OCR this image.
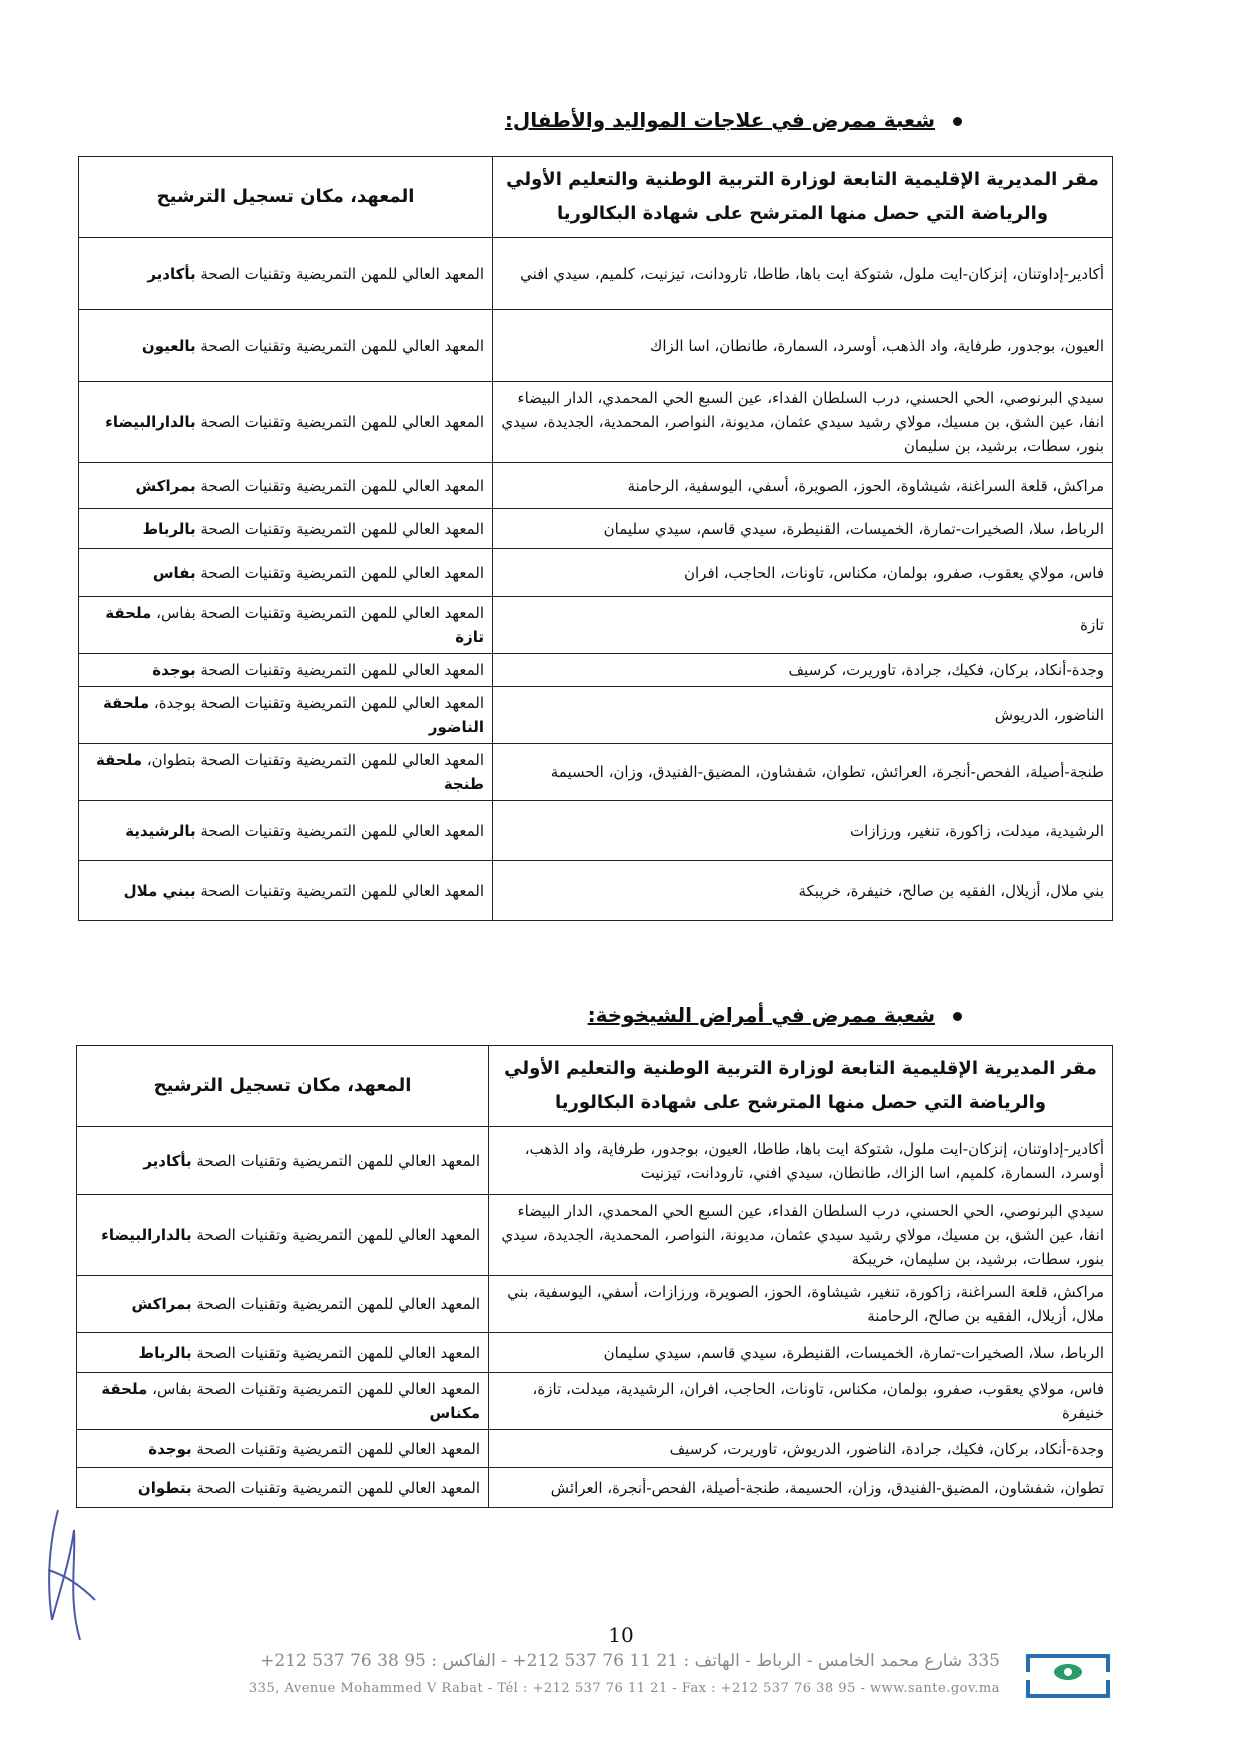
شعبة ممرض في علاجات المواليد والأطفال:
مقر المديرية الإقليمية التابعة لوزارة التربية الوطنية والتعليم الأولي والرياضة التي حصل منها المترشح على شهادة البكالوريا	المعهد، مكان تسجيل الترشيح
أكادير-إداوتنان، إنزكان-ايت ملول، شتوكة ايت باها، طاطا، تارودانت، تيزنيت، كلميم، سيدي افني	المعهد العالي للمهن التمريضية وتقنيات الصحة بأكادير
العيون، بوجدور، طرفاية، واد الذهب، أوسرد، السمارة، طانطان، اسا الزاك	المعهد العالي للمهن التمريضية وتقنيات الصحة بالعيون
سيدي البرنوصي، الحي الحسني، درب السلطان الفداء، عين السبع الحي المحمدي، الدار البيضاء انفا، عين الشق، بن مسيك، مولاي رشيد سيدي عثمان، مديونة، النواصر، المحمدية، الجديدة، سيدي بنور، سطات، برشيد، بن سليمان	المعهد العالي للمهن التمريضية وتقنيات الصحة بالدارالبيضاء
مراكش، قلعة السراغنة، شيشاوة، الحوز، الصويرة، أسفي، اليوسفية، الرحامنة	المعهد العالي للمهن التمريضية وتقنيات الصحة بمراكش
الرباط، سلا، الصخيرات-تمارة، الخميسات، القنيطرة، سيدي قاسم، سيدي سليمان	المعهد العالي للمهن التمريضية وتقنيات الصحة بالرباط
فاس، مولاي يعقوب، صفرو، بولمان، مكناس، تاونات، الحاجب، افران	المعهد العالي للمهن التمريضية وتقنيات الصحة بفاس
تازة	المعهد العالي للمهن التمريضية وتقنيات الصحة بفاس، ملحقة تازة
وجدة-أنكاد، بركان، فكيك، جرادة، تاوريرت، كرسيف	المعهد العالي للمهن التمريضية وتقنيات الصحة بوجدة
الناضور، الدريوش	المعهد العالي للمهن التمريضية وتقنيات الصحة بوجدة، ملحقة الناضور
طنجة-أصيلة، الفحص-أنجرة، العرائش، تطوان، شفشاون، المضيق-الفنيدق، وزان، الحسيمة	المعهد العالي للمهن التمريضية وتقنيات الصحة بتطوان، ملحقة طنجة
الرشيدية، ميدلت، زاكورة، تنغير، ورزازات	المعهد العالي للمهن التمريضية وتقنيات الصحة بالرشيدية
بني ملال، أزيلال، الفقيه بن صالح، خنيفرة، خريبكة	المعهد العالي للمهن التمريضية وتقنيات الصحة ببني ملال
شعبة ممرض في أمراض الشيخوخة:
مقر المديرية الإقليمية التابعة لوزارة التربية الوطنية والتعليم الأولي والرياضة التي حصل منها المترشح على شهادة البكالوريا	المعهد، مكان تسجيل الترشيح
أكادير-إداوتنان، إنزكان-ايت ملول، شتوكة ايت باها، طاطا، العيون، بوجدور، طرفاية، واد الذهب، أوسرد، السمارة، كلميم، اسا الزاك، طانطان، سيدي افني، تارودانت، تيزنيت	المعهد العالي للمهن التمريضية وتقنيات الصحة بأكادير
سيدي البرنوصي، الحي الحسني، درب السلطان الفداء، عين السبع الحي المحمدي، الدار البيضاء انفا، عين الشق، بن مسيك، مولاي رشيد سيدي عثمان، مديونة، النواصر، المحمدية، الجديدة، سيدي بنور، سطات، برشيد، بن سليمان، خريبكة	المعهد العالي للمهن التمريضية وتقنيات الصحة بالدارالبيضاء
مراكش، قلعة السراغنة، زاكورة، تنغير، شيشاوة، الحوز، الصويرة، ورزازات، أسفي، اليوسفية، بني ملال، أزيلال، الفقيه بن صالح، الرحامنة	المعهد العالي للمهن التمريضية وتقنيات الصحة بمراكش
الرباط، سلا، الصخيرات-تمارة، الخميسات، القنيطرة، سيدي قاسم، سيدي سليمان	المعهد العالي للمهن التمريضية وتقنيات الصحة بالرباط
فاس، مولاي يعقوب، صفرو، بولمان، مكناس، تاونات، الحاجب، افران، الرشيدية، ميدلت، تازة، خنيفرة	المعهد العالي للمهن التمريضية وتقنيات الصحة بفاس، ملحقة مكناس
وجدة-أنكاد، بركان، فكيك، جرادة، الناضور، الدريوش، تاوريرت، كرسيف	المعهد العالي للمهن التمريضية وتقنيات الصحة بوجدة
تطوان، شفشاون، المضيق-الفنيدق، وزان، الحسيمة، طنجة-أصيلة، الفحص-أنجرة، العرائش	المعهد العالي للمهن التمريضية وتقنيات الصحة بتطوان
10
335 شارع محمد الخامس - الرباط - الهاتف : 21 11 76 537 212+ - الفاكس : 95 38 76 537 212+
335, Avenue Mohammed V Rabat - Tél : +212 537 76 11 21 - Fax : +212 537 76 38 95 - www.sante.gov.ma
